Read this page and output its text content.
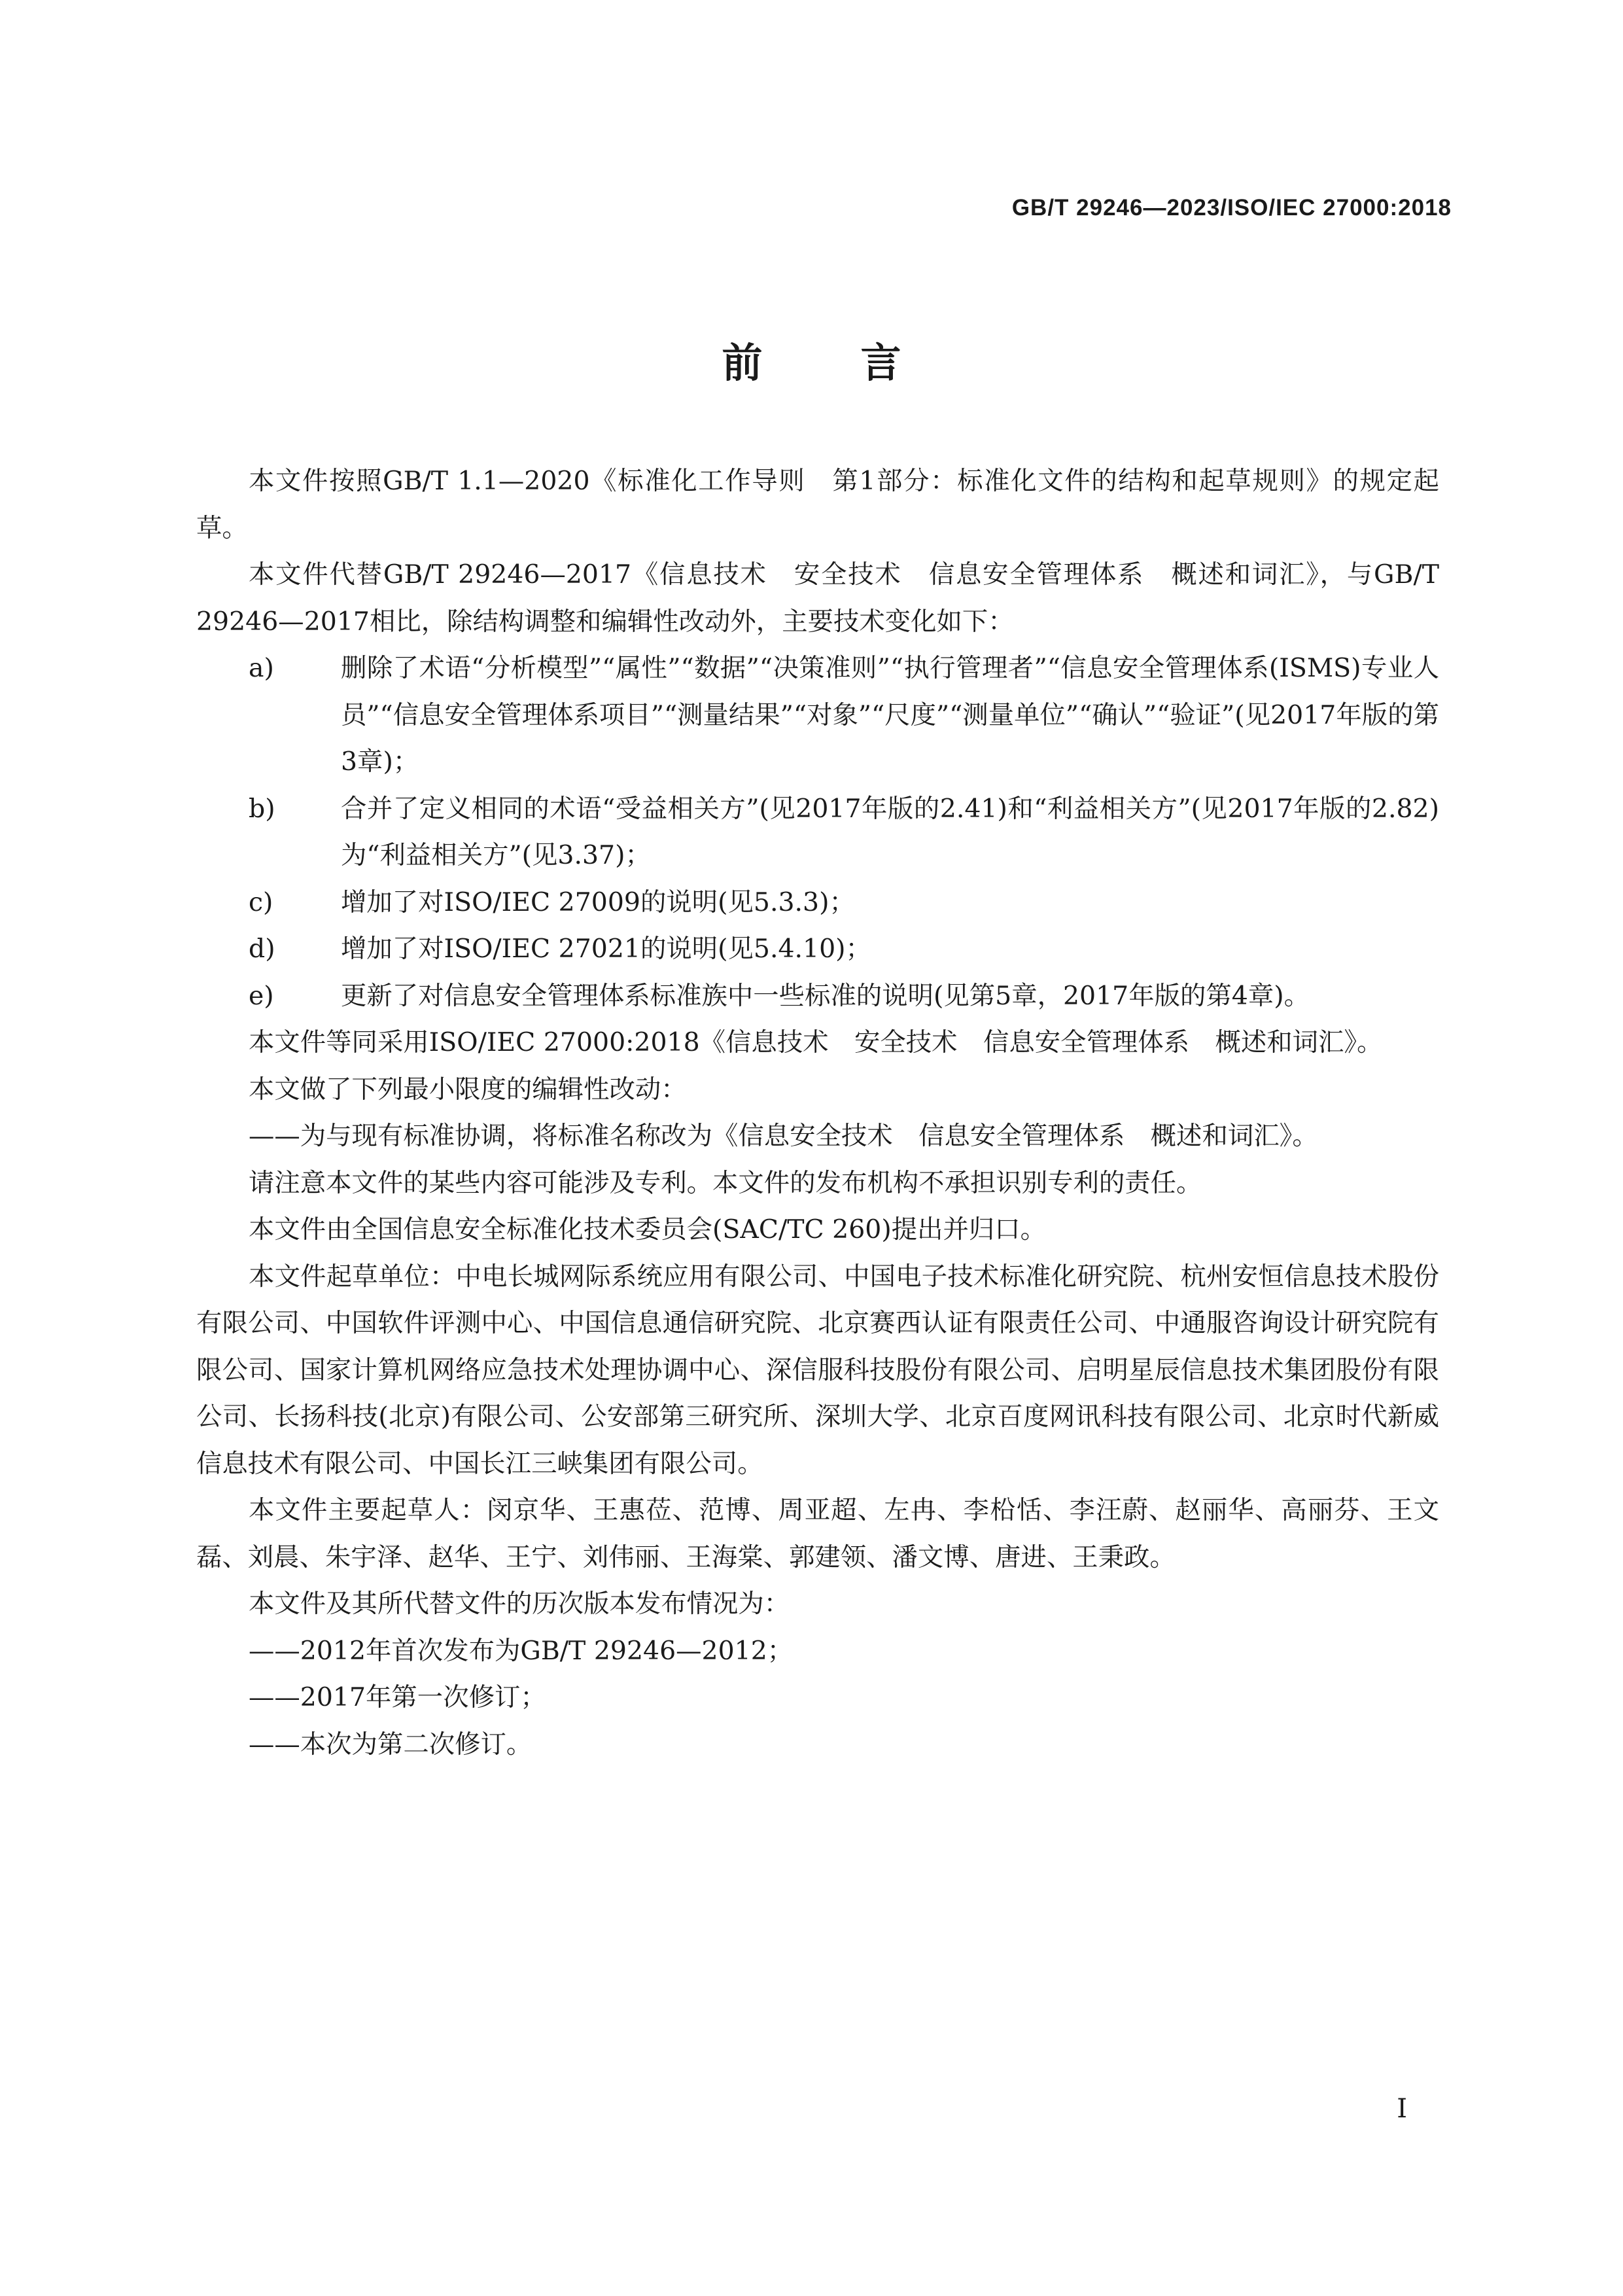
GB/T 29246—2023/ISO/IEC 27000:2018
前言

本文件按照GB/T 1.1—2020《标准化工作导则　第1部分：标准化文件的结构和起草规则》的规定起草。

本文件代替GB/T 29246—2017《信息技术　安全技术　信息安全管理体系　概述和词汇》，与GB/T 29246—2017相比，除结构调整和编辑性改动外，主要技术变化如下：

a)	删除了术语“分析模型”“属性”“数据”“决策准则”“执行管理者”“信息安全管理体系(ISMS)专业人员”“信息安全管理体系项目”“测量结果”“对象”“尺度”“测量单位”“确认”“验证”(见2017年版的第3章)；
b)	合并了定义相同的术语“受益相关方”(见2017年版的2.41)和“利益相关方”(见2017年版的2.82)为“利益相关方”(见3.37)；
c)	增加了对ISO/IEC 27009的说明(见5.3.3)；
d)	增加了对ISO/IEC 27021的说明(见5.4.10)；
e)	更新了对信息安全管理体系标准族中一些标准的说明(见第5章，2017年版的第4章)。

本文件等同采用ISO/IEC 27000:2018《信息技术　安全技术　信息安全管理体系　概述和词汇》。

本文做了下列最小限度的编辑性改动：

——为与现有标准协调，将标准名称改为《信息安全技术　信息安全管理体系　概述和词汇》。

请注意本文件的某些内容可能涉及专利。本文件的发布机构不承担识别专利的责任。

本文件由全国信息安全标准化技术委员会(SAC/TC 260)提出并归口。

本文件起草单位：中电长城网际系统应用有限公司、中国电子技术标准化研究院、杭州安恒信息技术股份有限公司、中国软件评测中心、中国信息通信研究院、北京赛西认证有限责任公司、中通服咨询设计研究院有限公司、国家计算机网络应急技术处理协调中心、深信服科技股份有限公司、启明星辰信息技术集团股份有限公司、长扬科技(北京)有限公司、公安部第三研究所、深圳大学、北京百度网讯科技有限公司、北京时代新威信息技术有限公司、中国长江三峡集团有限公司。

本文件主要起草人：闵京华、王惠莅、范博、周亚超、左冉、李柗恬、李汪蔚、赵丽华、高丽芬、王文磊、刘晨、朱宇泽、赵华、王宁、刘伟丽、王海棠、郭建领、潘文博、唐进、王秉政。

本文件及其所代替文件的历次版本发布情况为：

——2012年首次发布为GB/T 29246—2012；

——2017年第一次修订；

——本次为第二次修订。

I
